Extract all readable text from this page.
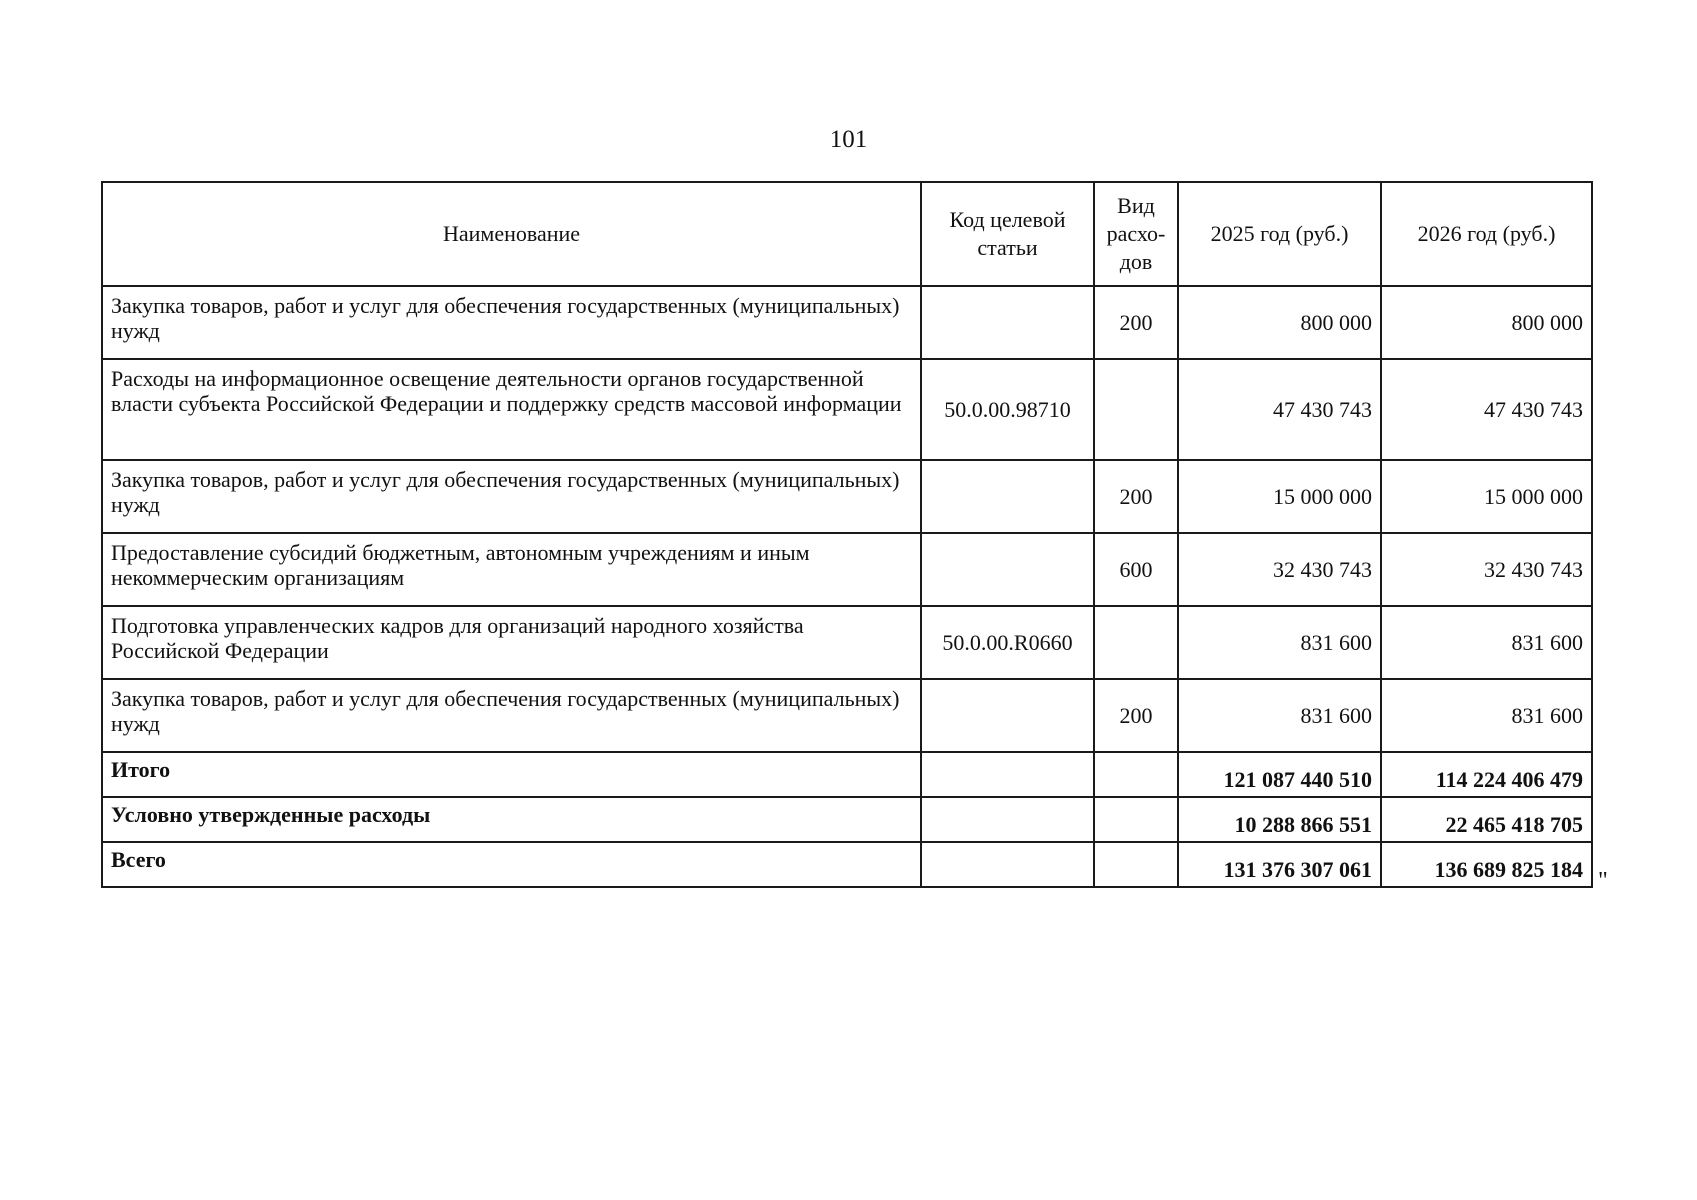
101
Наименование	Код целевой статьи	Вид расхо-дов	2025 год (руб.)	2026 год (руб.)
Закупка товаров, работ и услуг для обеспечения государственных (муниципальных) нужд		200	800 000	800 000
Расходы на информационное освещение деятельности органов государственной власти субъекта Российской Федерации и поддержку средств массовой информации	50.0.00.98710		47 430 743	47 430 743
Закупка товаров, работ и услуг для обеспечения государственных (муниципальных) нужд		200	15 000 000	15 000 000
Предоставление субсидий бюджетным, автономным учреждениям и иным некоммерческим организациям		600	32 430 743	32 430 743
Подготовка управленческих кадров для организаций народного хозяйства Российской Федерации	50.0.00.R0660		831 600	831 600
Закупка товаров, работ и услуг для обеспечения государственных (муниципальных) нужд		200	831 600	831 600
Итого			121 087 440 510	114 224 406 479
Условно утвержденные расходы			10 288 866 551	22 465 418 705
Всего			131 376 307 061	136 689 825 184 "
